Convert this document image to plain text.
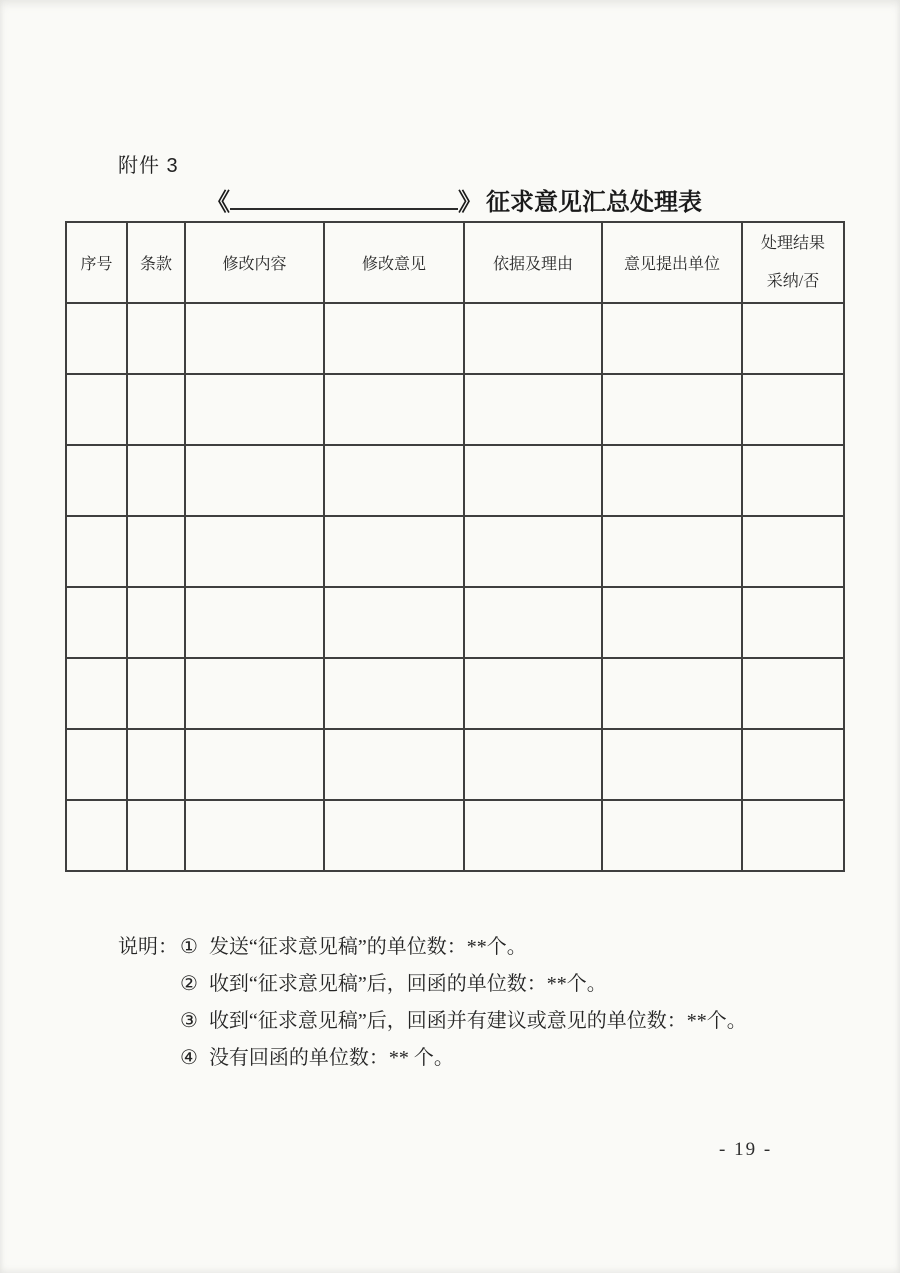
附件 3
《	》 征求意见汇总处理表
序号	条款	修改内容	修改意见	依据及理由	意见提出单位	处理结果
采纳/否

说明： ① 发送“征求意见稿”的单位数：**个。
② 收到“征求意见稿”后，回函的单位数：**个。
③ 收到“征求意见稿”后，回函并有建议或意见的单位数：**个。
④ 没有回函的单位数：** 个。
- 19 -
